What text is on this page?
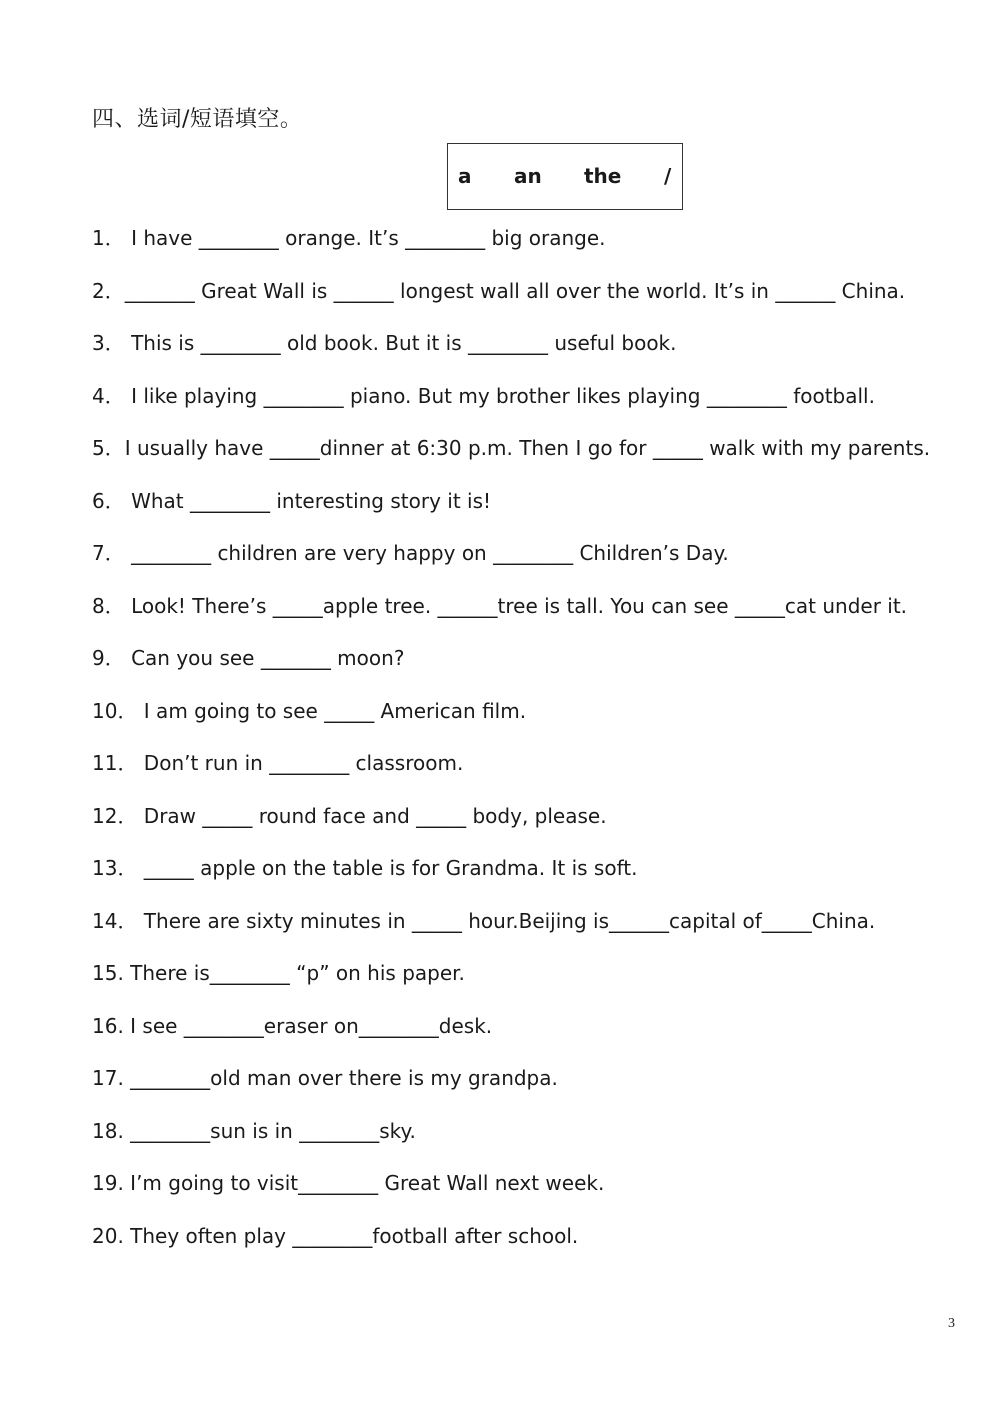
四、选词/短语填空。
a an the /
1． I have ________ orange. It’s ________ big orange.
2．_______ Great Wall is ______ longest wall all over the world. It’s in ______ China.
3． This is ________ old book. But it is ________ useful book.
4． I like playing ________ piano. But my brother likes playing ________ football.
5．I usually have _____dinner at 6:30 p.m. Then I go for _____ walk with my parents.
6． What ________ interesting story it is!
7． ________ children are very happy on ________ Children’s Day.
8． Look! There’s _____apple tree. ______tree is tall. You can see _____cat under it.
9． Can you see _______ moon?
10． I am going to see _____ American film.
11． Don’t run in ________ classroom.
12． Draw _____ round face and _____ body, please.
13． _____ apple on the table is for Grandma. It is soft.
14． There are sixty minutes in _____ hour.Beijing is______capital of_____China.
15. There is________ “p” on his paper.
16. I see ________eraser on________desk.
17. ________old man over there is my grandpa.
18. ________sun is in ________sky.
19. I’m going to visit________ Great Wall next week.
20. They often play ________football after school.
3
